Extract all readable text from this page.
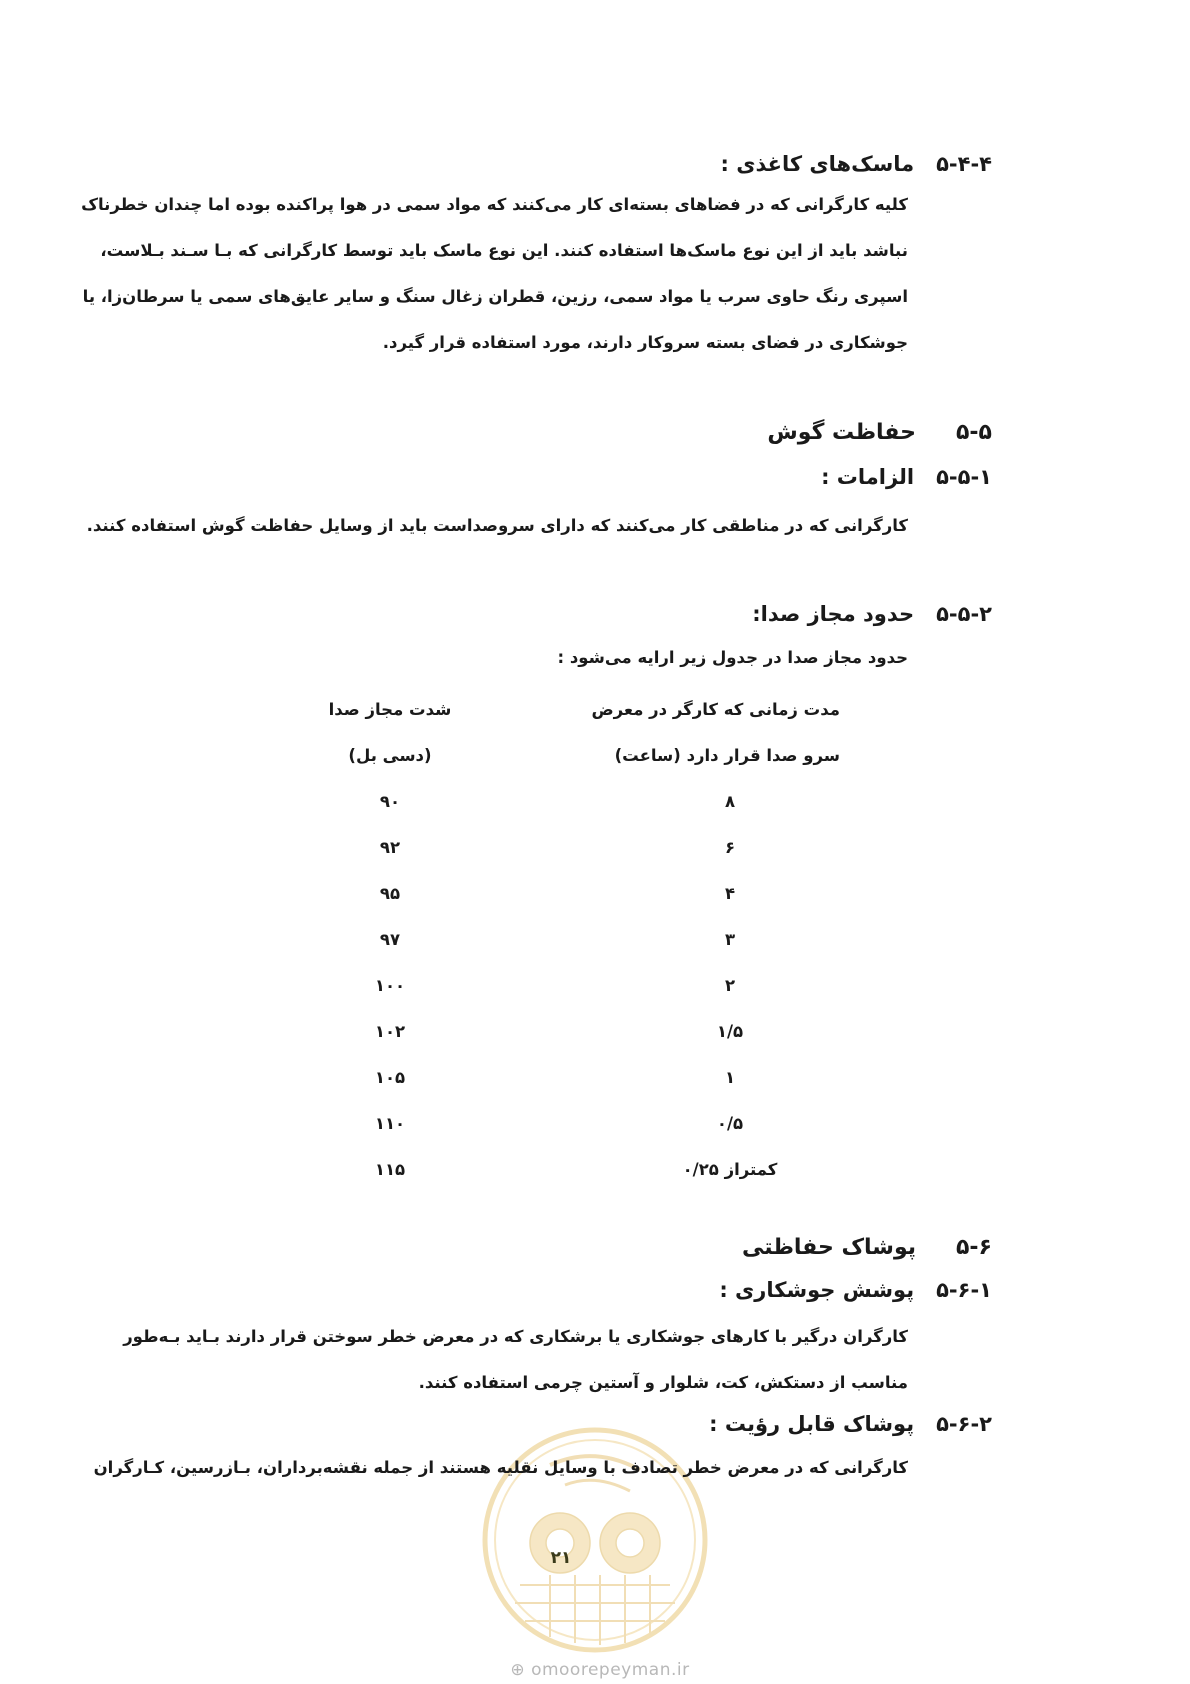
۵-۴-۴
ماسک‌های کاغذی :
کلیه کارگرانی که در فضاهای بسته‌ای کار می‌کنند که مواد سمی در هوا پراکنده بوده اما چندان خطرناک
نباشد باید از این نوع ماسک‌ها استفاده کنند. این نوع ماسک باید توسط کارگرانی که بـا سـند بـلاست،
اسپری رنگ حاوی سرب یا مواد سمی، رزین، قطران زغال سنگ و سایر عایق‌های سمی یا سرطان‌زا، یا
جوشکاری در فضای بسته سروکار دارند، مورد استفاده قرار گیرد.
۵-۵
حفاظت گوش
۵-۵-۱
الزامات :
کارگرانی که در مناطقی کار می‌کنند که دارای سروصداست باید از وسایل حفاظت گوش استفاده کنند.
۵-۵-۲
حدود مجاز صدا:
حدود مجاز صدا در جدول زیر ارایه می‌شود :
مدت زمانی که کارگر در معرض
سرو صدا قرار دارد (ساعت)
۸
۶
۴
۳
۲
۱/۵
۱
۰/۵
کمتراز ۰/۲۵
شدت مجاز صدا
(دسی بل)
۹۰
۹۲
۹۵
۹۷
۱۰۰
۱۰۲
۱۰۵
۱۱۰
۱۱۵
۵-۶
پوشاک حفاظتی
۵-۶-۱
پوشش جوشکاری :
کارگران درگیر با کارهای جوشکاری یا برشکاری که در معرض خطر سوختن قرار دارند بـاید بـه‌طور
مناسب از دستکش، کت، شلوار و آستین چرمی استفاده کنند.
۵-۶-۲
پوشاک قابل رؤیت :
کارگرانی که در معرض خطر تصادف با وسایل نقلیه هستند از جمله نقشه‌برداران، بـازرسین، کـارگران
۲۱
⊕ omoorepeyman.ir
